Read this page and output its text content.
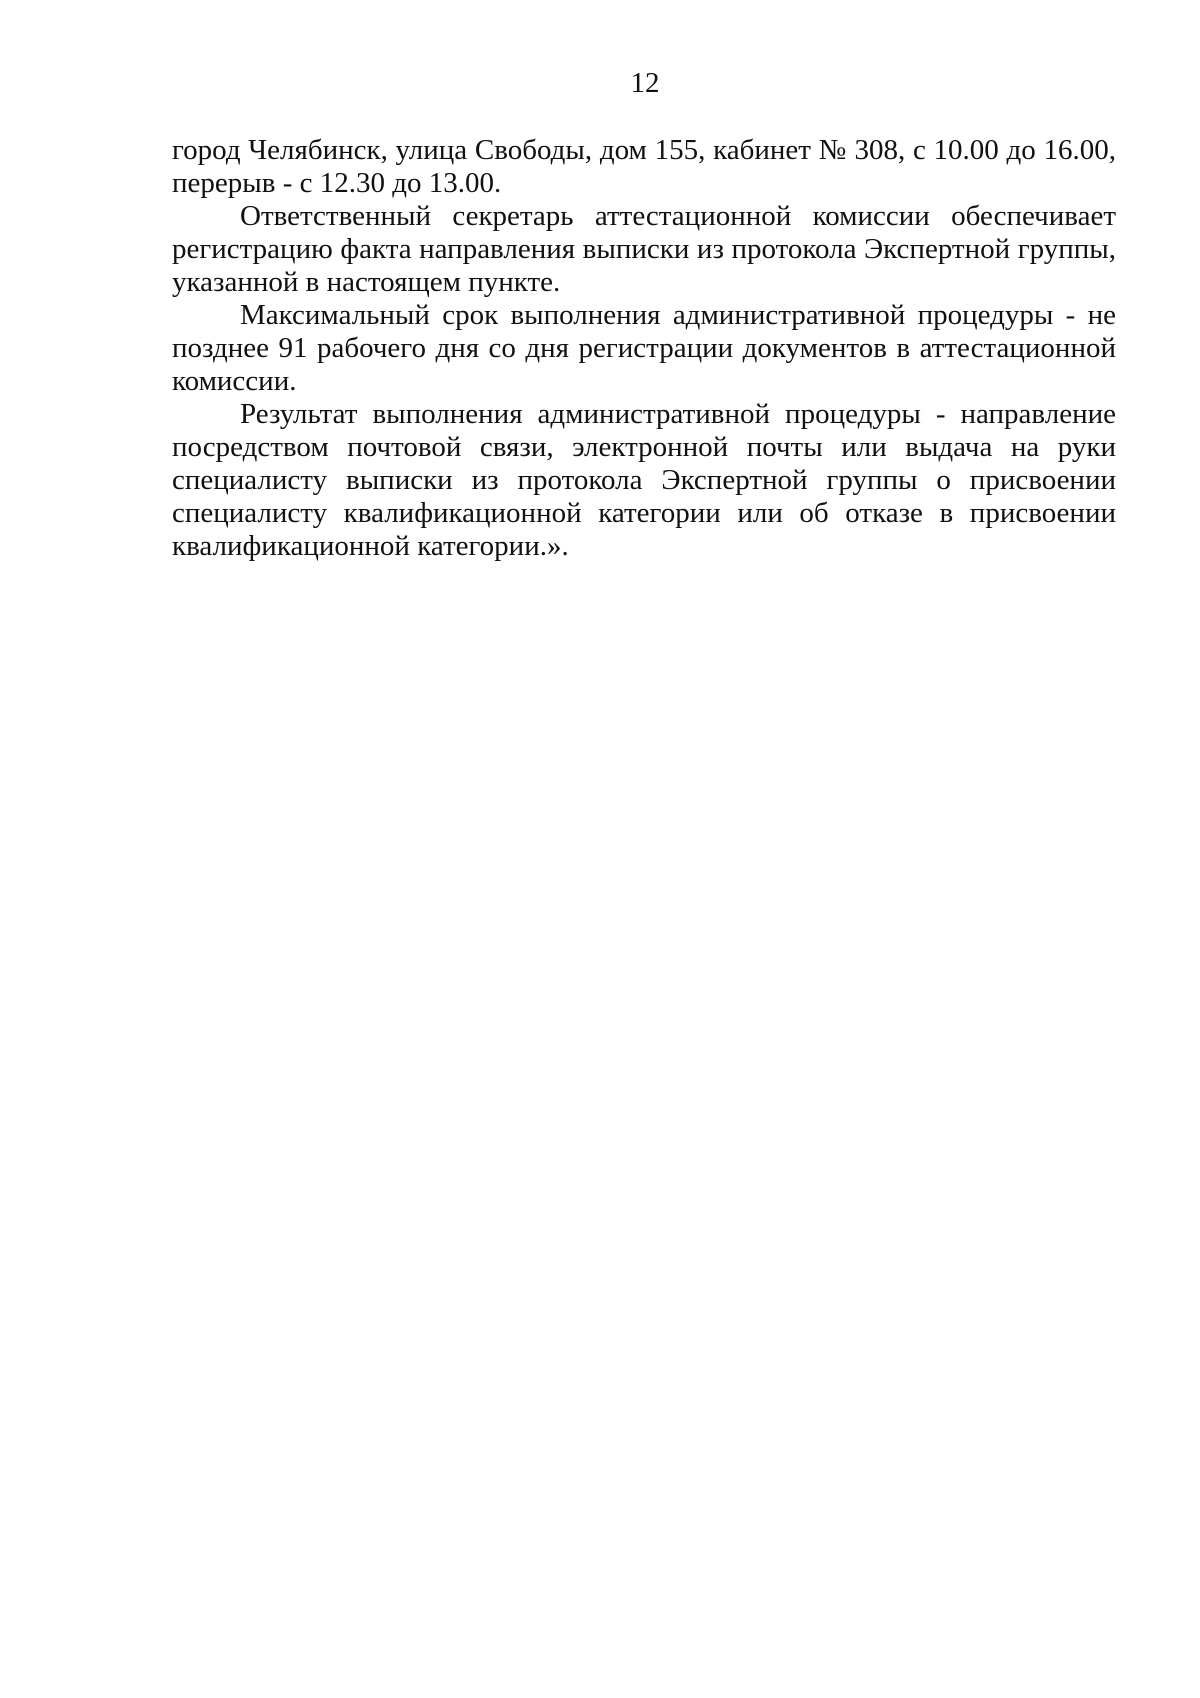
12

город Челябинск, улица Свободы, дом 155, кабинет № 308, с 10.00 до 16.00, перерыв - с 12.30 до 13.00.

Ответственный секретарь аттестационной комиссии обеспечивает регистрацию факта направления выписки из протокола Экспертной группы, указанной в настоящем пункте.

Максимальный срок выполнения административной процедуры - не позднее 91 рабочего дня со дня регистрации документов в аттестационной комиссии.

Результат выполнения административной процедуры - направление посредством почтовой связи, электронной почты или выдача на руки специалисту выписки из протокола Экспертной группы о присвоении специалисту квалификационной категории или об отказе в присвоении квалификационной категории.».
